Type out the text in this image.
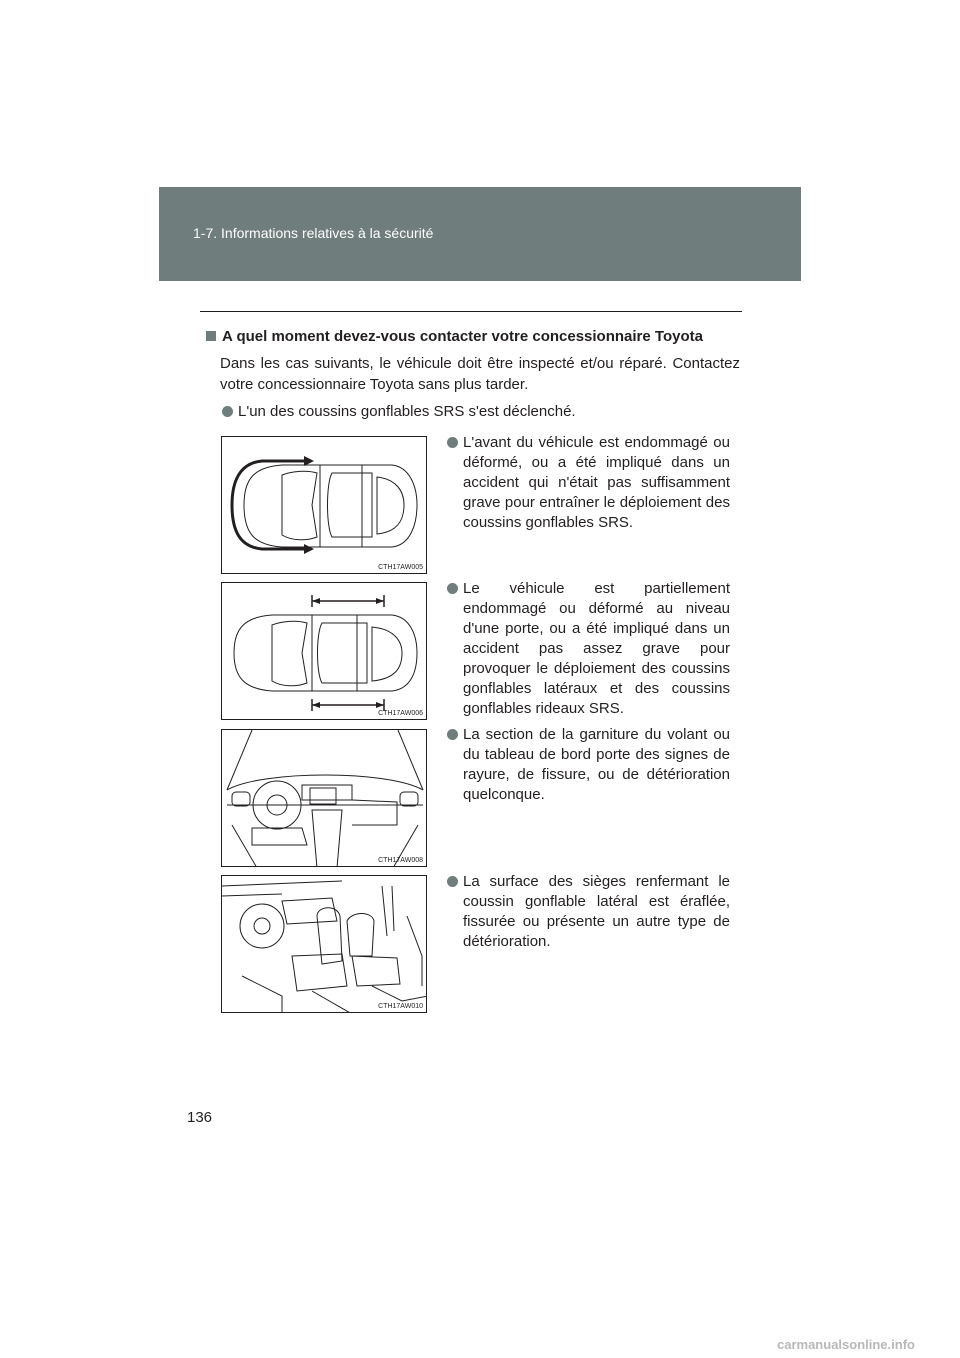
1-7. Informations relatives à la sécurité
A quel moment devez-vous contacter votre concessionnaire Toyota
Dans les cas suivants, le véhicule doit être inspecté et/ou réparé. Contactez votre concessionnaire Toyota sans plus tarder.
L'un des coussins gonflables SRS s'est déclenché.
CTH17AW005
L'avant du véhicule est endommagé ou déformé, ou a été impliqué dans un accident qui n'était pas suffisamment grave pour entraîner le déploiement des coussins gonflables SRS.
CTH17AW006
Le véhicule est partiellement endommagé ou déformé au niveau d'une porte, ou a été impliqué dans un accident pas assez grave pour provoquer le déploiement des coussins gonflables latéraux et des coussins gonflables rideaux SRS.
CTH17AW008
La section de la garniture du volant ou du tableau de bord porte des signes de rayure, de fissure, ou de détérioration quelconque.
CTH17AW010
La surface des sièges renfermant le coussin gonflable latéral est éraflée, fissurée ou présente un autre type de détérioration.
136
carmanualsonline.info
